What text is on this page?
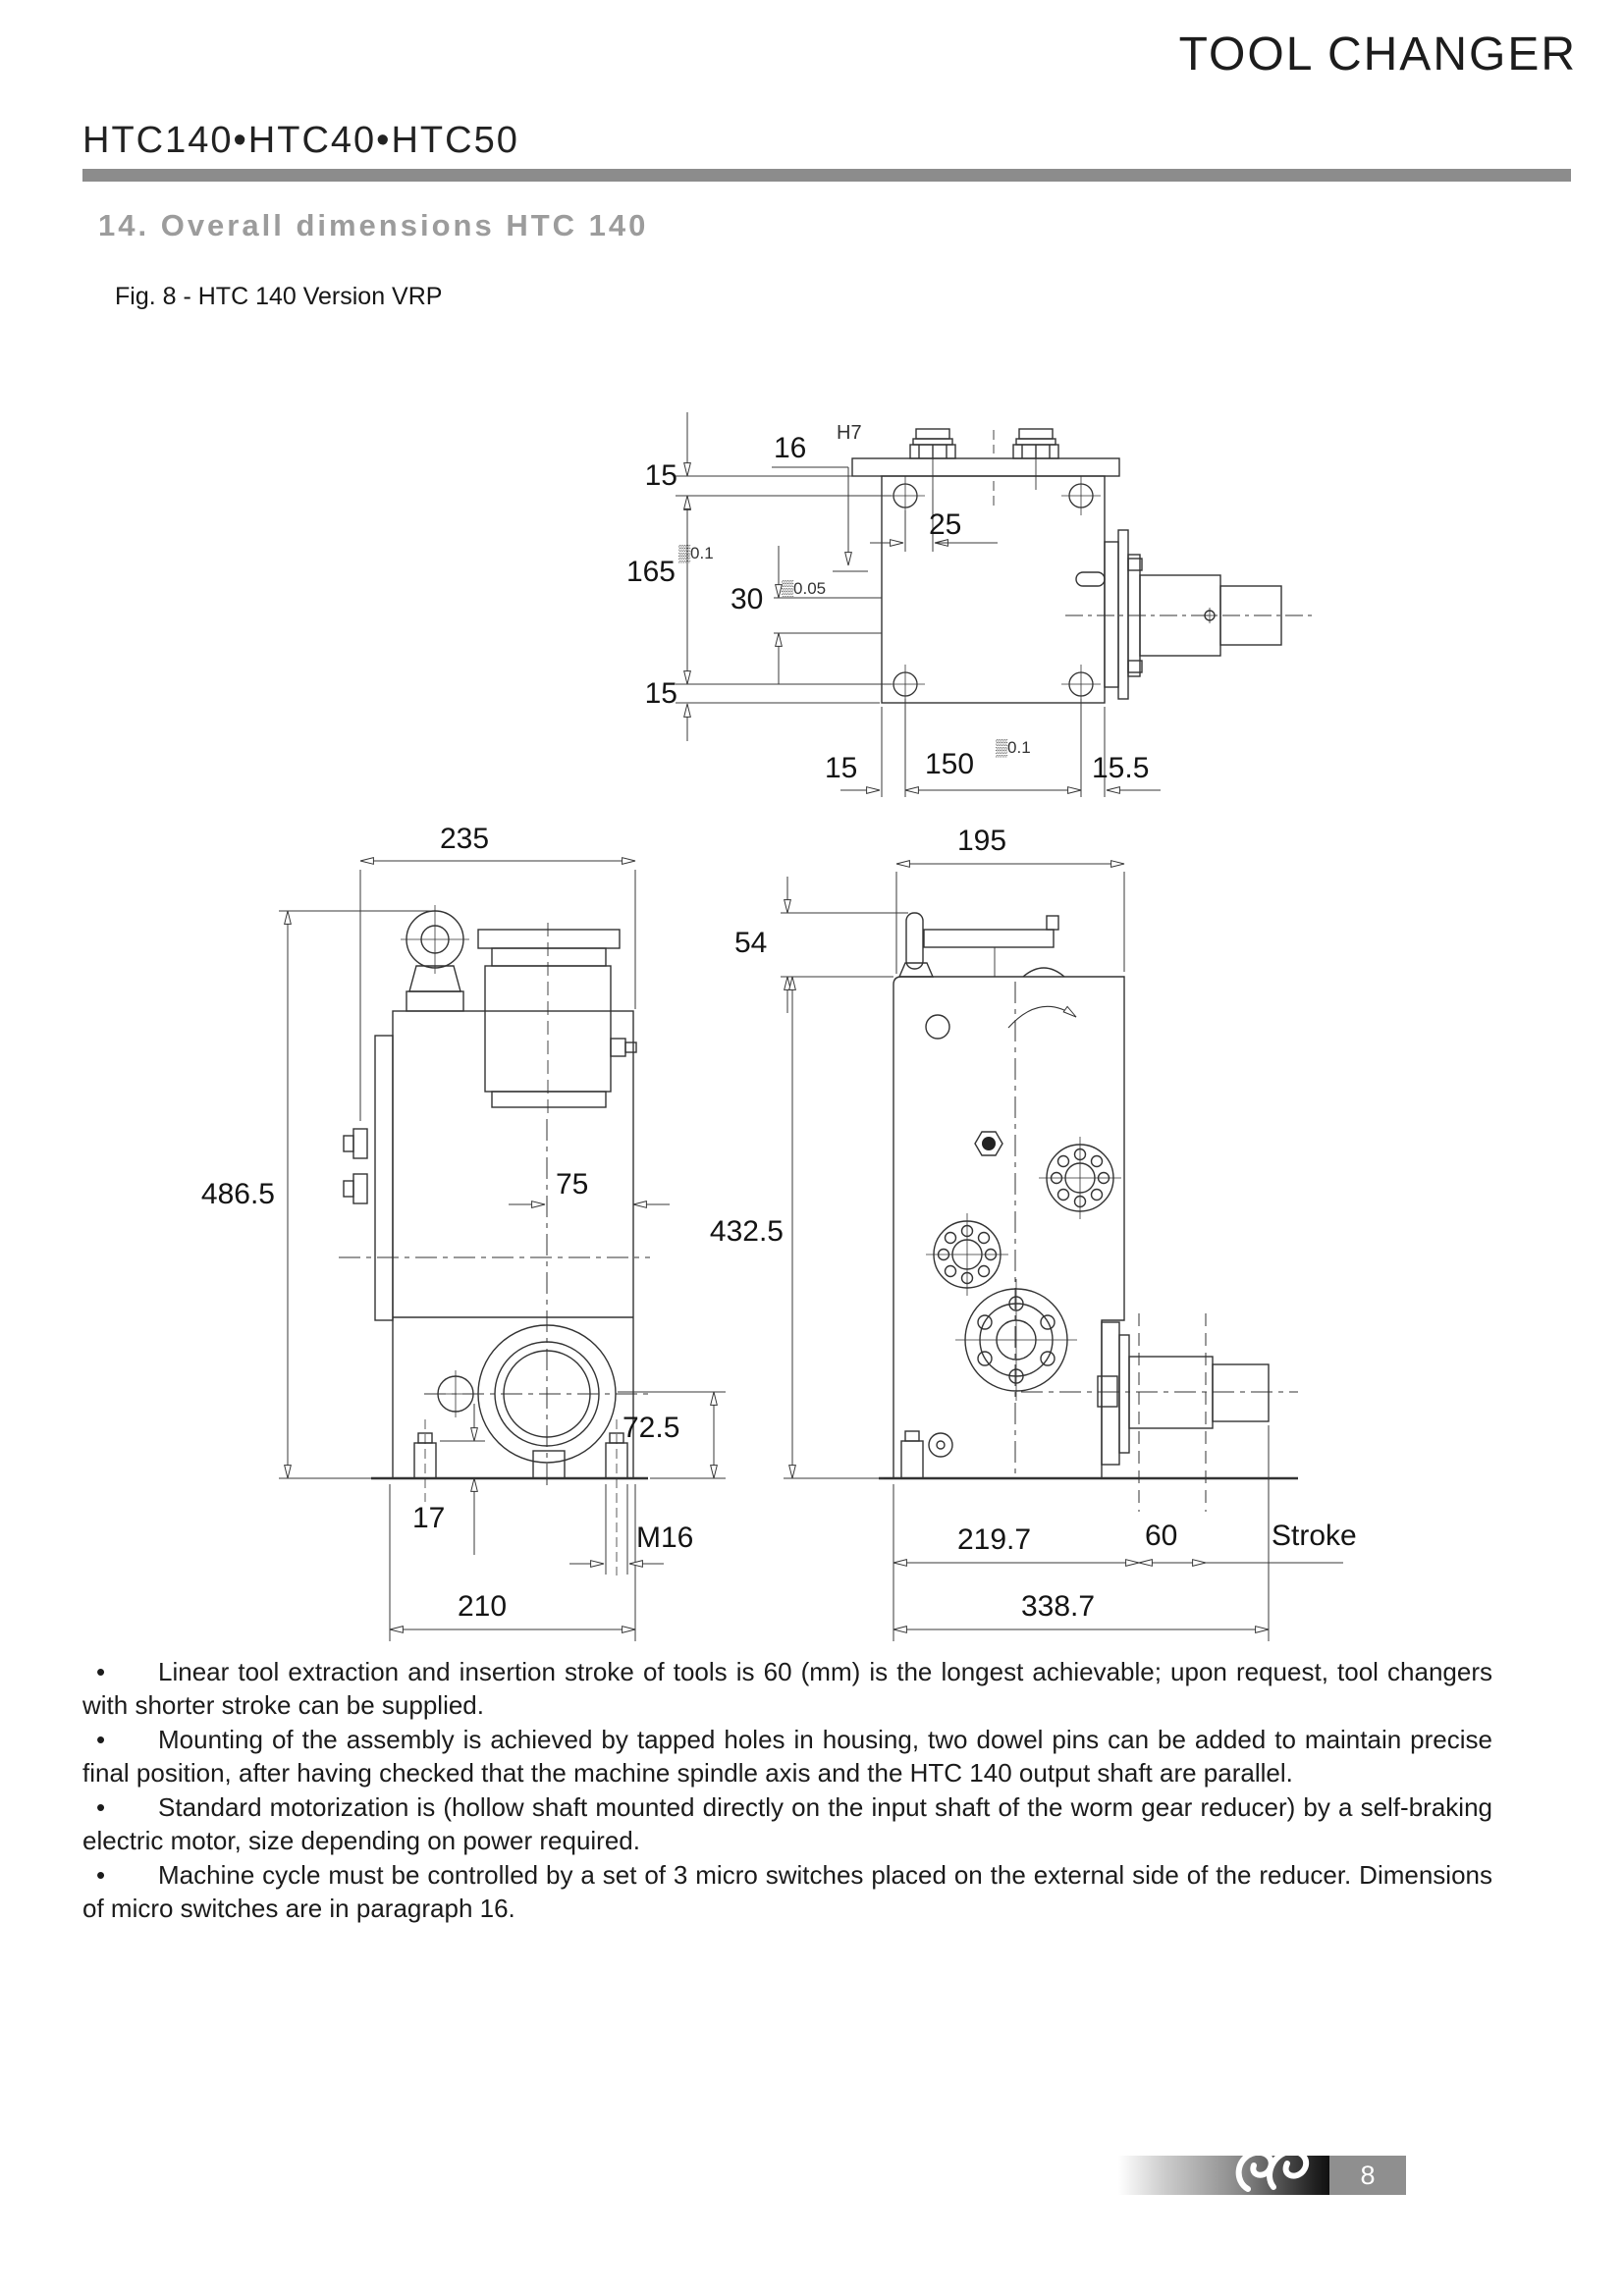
TOOL CHANGER
HTC140•HTC40•HTC50
14. Overall dimensions HTC 140
Fig. 8 - HTC 140 Version VRP
15
16 H7
165
▒0.1
30 ▒0.05
25
15
15 150
▒0.1
15.5
235
486.5	75
72.5
17
M16
210
195
54
432.5
219.7	60	Stroke
338.7
• Linear tool extraction and insertion stroke of tools is 60 (mm) is the longest achievable; upon request, tool changers with shorter stroke can be supplied.
• Mounting of the assembly is achieved by tapped holes in housing, two dowel pins can be added to maintain precise final position, after having checked that the machine spindle axis and the HTC 140 output shaft are parallel.
• Standard motorization is (hollow shaft mounted directly on the input shaft of the worm gear reducer) by a self-braking electric motor, size depending on power required.
• Machine cycle must be controlled by a set of 3 micro switches placed on the external side of the reducer. Dimensions of micro switches are in paragraph 16.
8
